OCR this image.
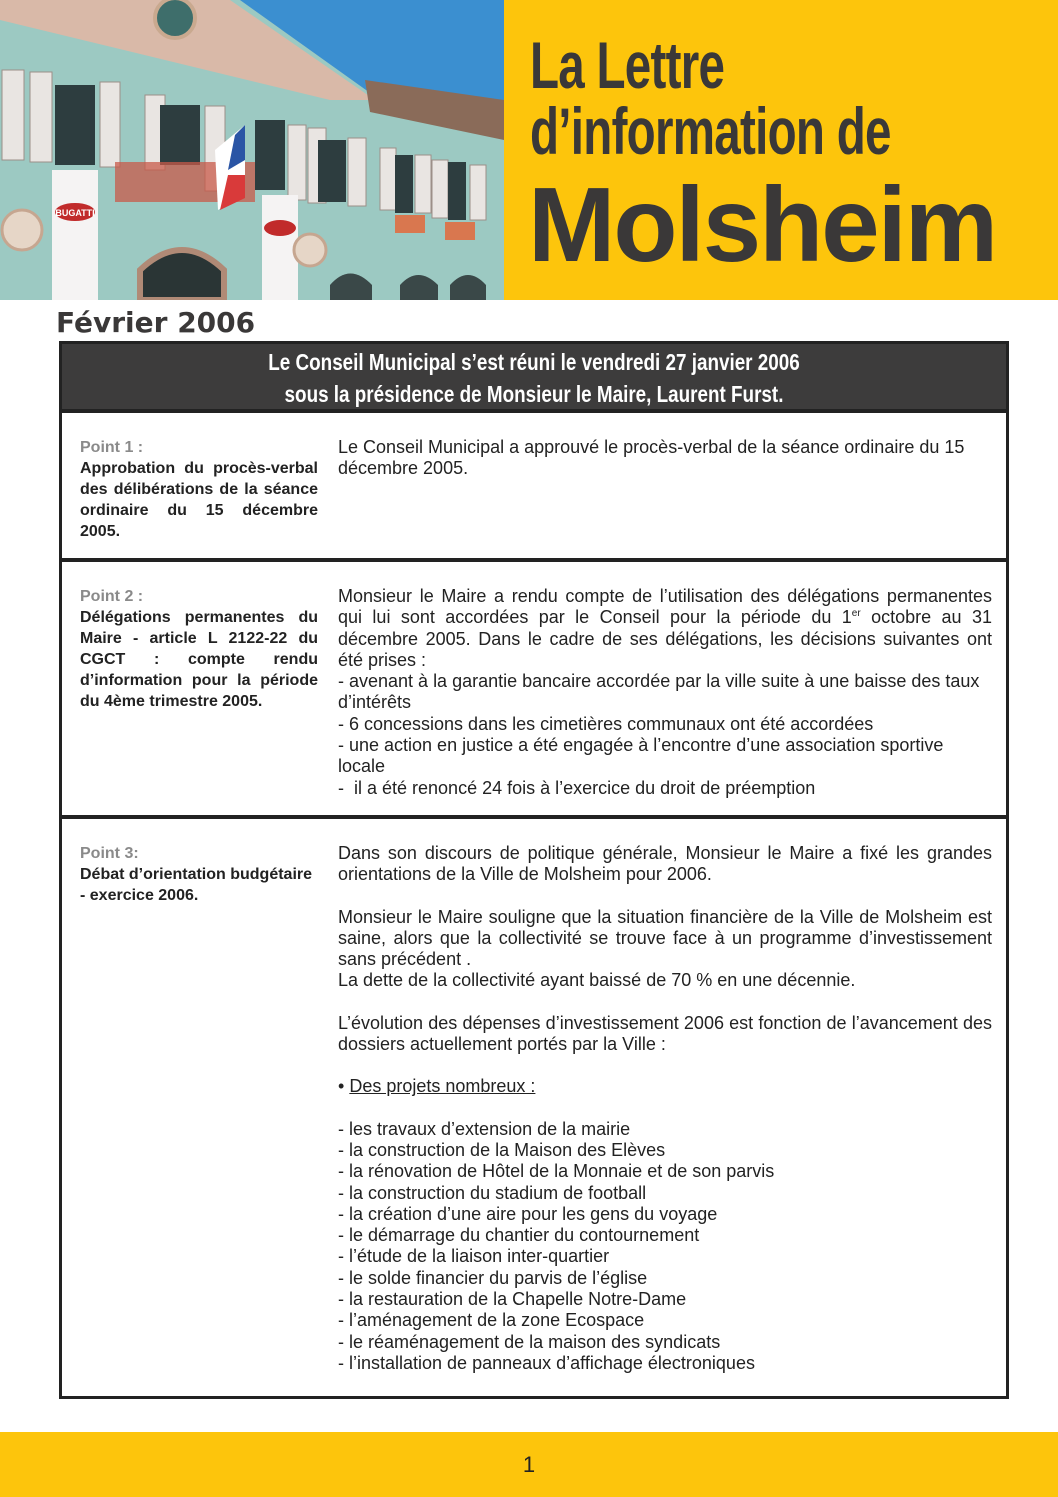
BUGATTI
La Lettre
d’information de
Molsheim
Février 2006
Le Conseil Municipal s’est réuni le vendredi 27 janvier 2006
sous la présidence de Monsieur le Maire, Laurent Furst.
Point 1 :
Approbation du procès-verbal des délibérations de la séance ordinaire du 15 décembre 2005.

Le Conseil Municipal a approuvé le procès-verbal de la séance ordinaire du 15 décembre 2005.

Point 2 :
Délégations permanentes du Maire - article L 2122-22 du CGCT : compte rendu d’information pour la période du 4ème trimestre 2005.

Monsieur le Maire a rendu compte de l’utilisation des délégations permanentes qui lui sont accordées par le Conseil pour la période du 1er octobre au 31 décembre 2005. Dans le cadre de ses délégations, les décisions suivantes ont été prises :

- avenant à la garantie bancaire accordée par la ville suite à une baisse des taux d’intérêts

- 6 concessions dans les cimetières communaux ont été accordées

- une action en justice a été engagée à l’encontre d’une association sportive locale

-  il a été renoncé 24 fois à l’exercice du droit de préemption

Point 3:
Débat d’orientation budgétaire - exercice 2006.

Dans son discours de politique générale, Monsieur le Maire a fixé les grandes orientations de la Ville de Molsheim pour 2006.

Monsieur le Maire souligne que la situation financière de la Ville de Molsheim est saine, alors que la collectivité se trouve face à un programme d’investissement sans précédent .

La dette de la collectivité ayant baissé de 70 % en une décennie.

L’évolution des dépenses d’investissement 2006 est fonction de l’avancement des dossiers actuellement portés par la Ville :

• Des projets nombreux :

- les travaux d’extension de la mairie

- la construction de la Maison des Elèves

- la rénovation de Hôtel de la Monnaie et de son parvis

- la construction du stadium de football

- la création d’une aire pour les gens du voyage

- le démarrage du chantier du contournement

- l’étude de la liaison inter-quartier

- le solde financier du parvis de l’église

- la restauration de la Chapelle Notre-Dame

- l’aménagement de la zone Ecospace

- le réaménagement de la maison des syndicats

- l’installation de panneaux d’affichage électroniques

1
